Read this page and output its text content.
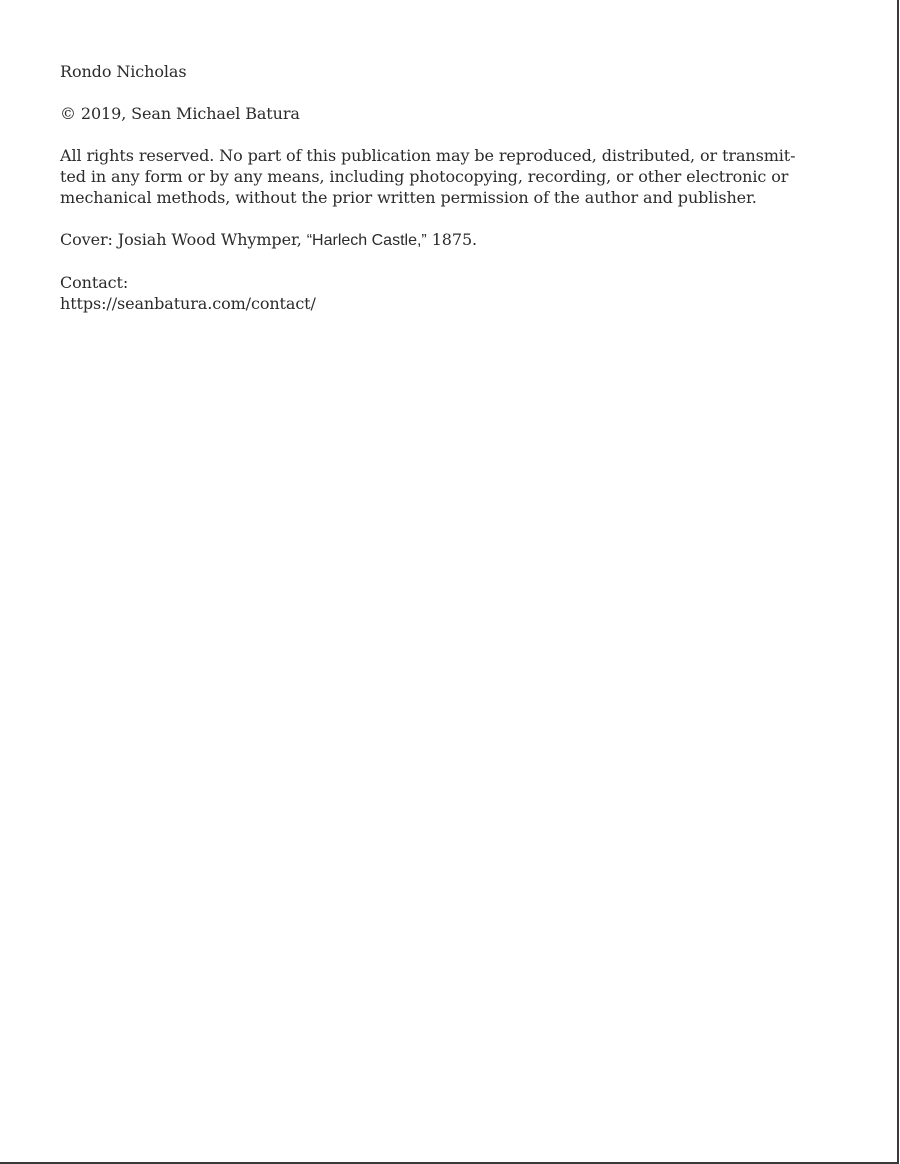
Rondo Nicholas

© 2019, Sean Michael Batura

All rights reserved. No part of this publication may be reproduced, distributed, or transmit-
ted in any form or by any means, including photocopying, recording, or other electronic or
mechanical methods, without the prior written permission of the author and publisher.

Cover: Josiah Wood Whymper, “Harlech Castle,” 1875.

Contact:
https://seanbatura.com/contact/
